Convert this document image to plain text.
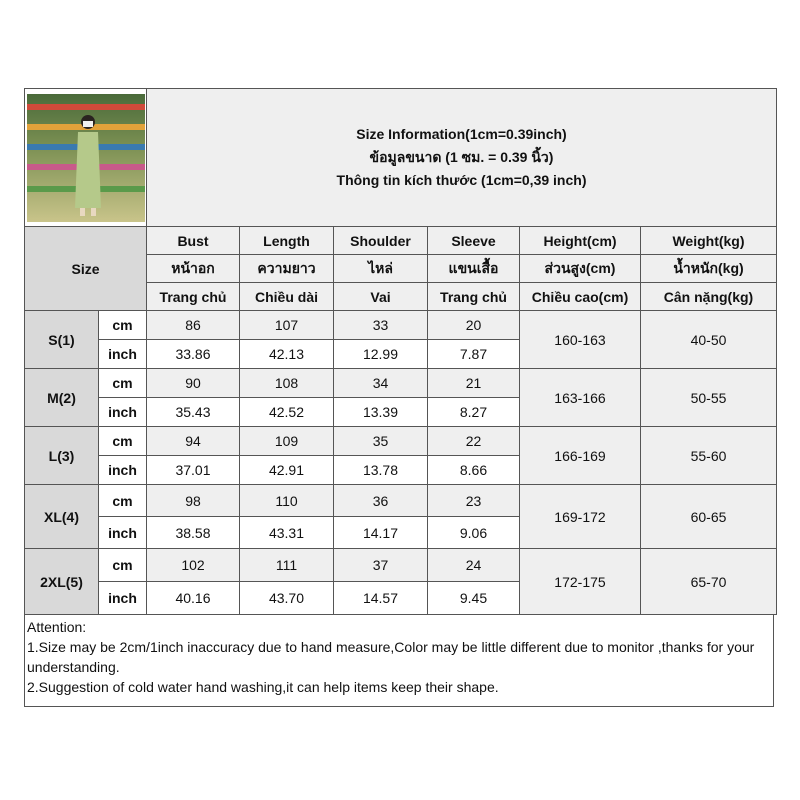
Size Information(1cm=0.39inch)
ข้อมูลขนาด (1 ซม. = 0.39 นิ้ว)
Thông tin kích thước (1cm=0,39 inch)					

Size		Bust	Length	Shoulder	Sleeve	Height(cm)	Weight(kg)
		หน้าอก	ความยาว	ไหล่	แขนเสื้อ	ส่วนสูง(cm)	น้ำหนัก(kg)
		Trang chủ	Chiều dài	Vai	Trang chủ	Chiều cao(cm)	Cân nặng(kg)
S(1)	cm	86	107	33	20	160-163	40-50
	inch	33.86	42.13	12.99	7.87		
M(2)	cm	90	108	34	21	163-166	50-55
	inch	35.43	42.52	13.39	8.27		
L(3)	cm	94	109	35	22	166-169	55-60
	inch	37.01	42.91	13.78	8.66		
XL(4)	cm	98	110	36	23	169-172	60-65
	inch	38.58	43.31	14.17	9.06		
2XL(5)	cm	102	111	37	24	172-175	65-70
	inch	40.16	43.70	14.57	9.45		
Attention:
1.Size may be 2cm/1inch inaccuracy due to hand measure,Color may be little different due to monitor ,thanks for your understanding.
2.Suggestion of cold water hand washing,it can help items keep their shape.
